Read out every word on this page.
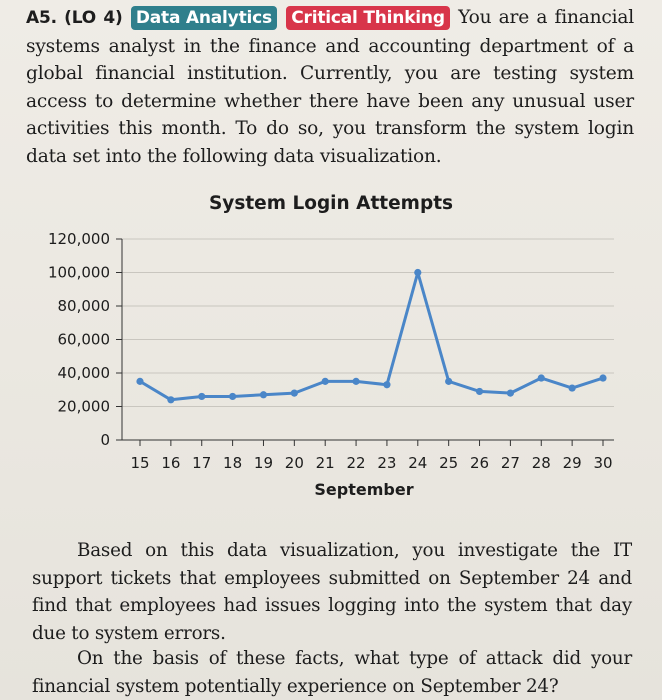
A5. (LO 4) Data Analytics Critical Thinking You are a financial systems analyst in the finance and accounting department of a global financial institution. Currently, you are testing system access to determine whether there have been any unusual user activities this month. To do so, you transform the system login data set into the following data visualization.
System Login Attempts
0
20,000
40,000
60,000
80,000
100,000
120,000
15 16 17 18 19 20 21 22 23 24 25 26 27 28 29 30
September

Based on this data visualization, you investigate the IT support tickets that employees submitted on September 24 and find that employees had issues logging into the system that day due to system errors.

On the basis of these facts, what type of attack did your financial system potentially experience on September 24?
